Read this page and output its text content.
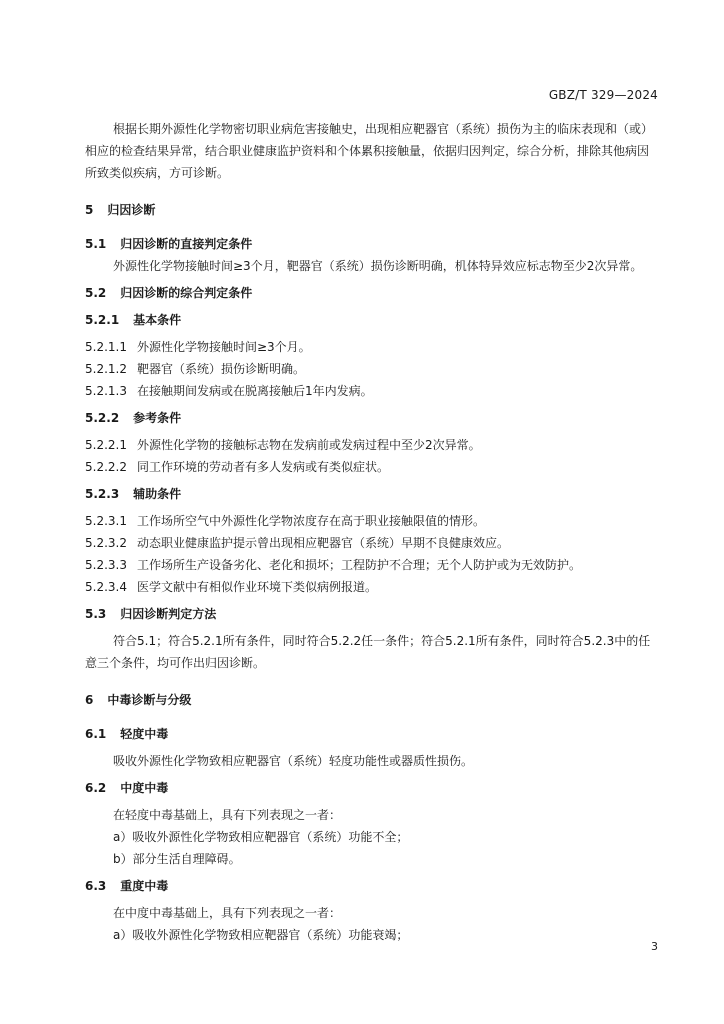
GBZ/T 329—2024

根据长期外源性化学物密切职业病危害接触史，出现相应靶器官（系统）损伤为主的临床表现和（或）相应的检查结果异常，结合职业健康监护资料和个体累积接触量，依据归因判定，综合分析，排除其他病因所致类似疾病，方可诊断。

5 归因诊断
5.1 归因诊断的直接判定条件

外源性化学物接触时间≥3个月，靶器官（系统）损伤诊断明确，机体特异效应标志物至少2次异常。

5.2 归因诊断的综合判定条件
5.2.1 基本条件

5.2.1.1 外源性化学物接触时间≥3个月。

5.2.1.2 靶器官（系统）损伤诊断明确。

5.2.1.3 在接触期间发病或在脱离接触后1年内发病。

5.2.2 参考条件

5.2.2.1 外源性化学物的接触标志物在发病前或发病过程中至少2次异常。

5.2.2.2 同工作环境的劳动者有多人发病或有类似症状。

5.2.3 辅助条件

5.2.3.1 工作场所空气中外源性化学物浓度存在高于职业接触限值的情形。

5.2.3.2 动态职业健康监护提示曾出现相应靶器官（系统）早期不良健康效应。

5.2.3.3 工作场所生产设备劣化、老化和损坏；工程防护不合理；无个人防护或为无效防护。

5.2.3.4 医学文献中有相似作业环境下类似病例报道。

5.3 归因诊断判定方法

符合5.1；符合5.2.1所有条件，同时符合5.2.2任一条件；符合5.2.1所有条件，同时符合5.2.3中的任意三个条件，均可作出归因诊断。

6 中毒诊断与分级
6.1 轻度中毒

吸收外源性化学物致相应靶器官（系统）轻度功能性或器质性损伤。

6.2 中度中毒

在轻度中毒基础上，具有下列表现之一者：

a）吸收外源性化学物致相应靶器官（系统）功能不全；

b）部分生活自理障碍。

6.3 重度中毒

在中度中毒基础上，具有下列表现之一者：

a）吸收外源性化学物致相应靶器官（系统）功能衰竭；

3
